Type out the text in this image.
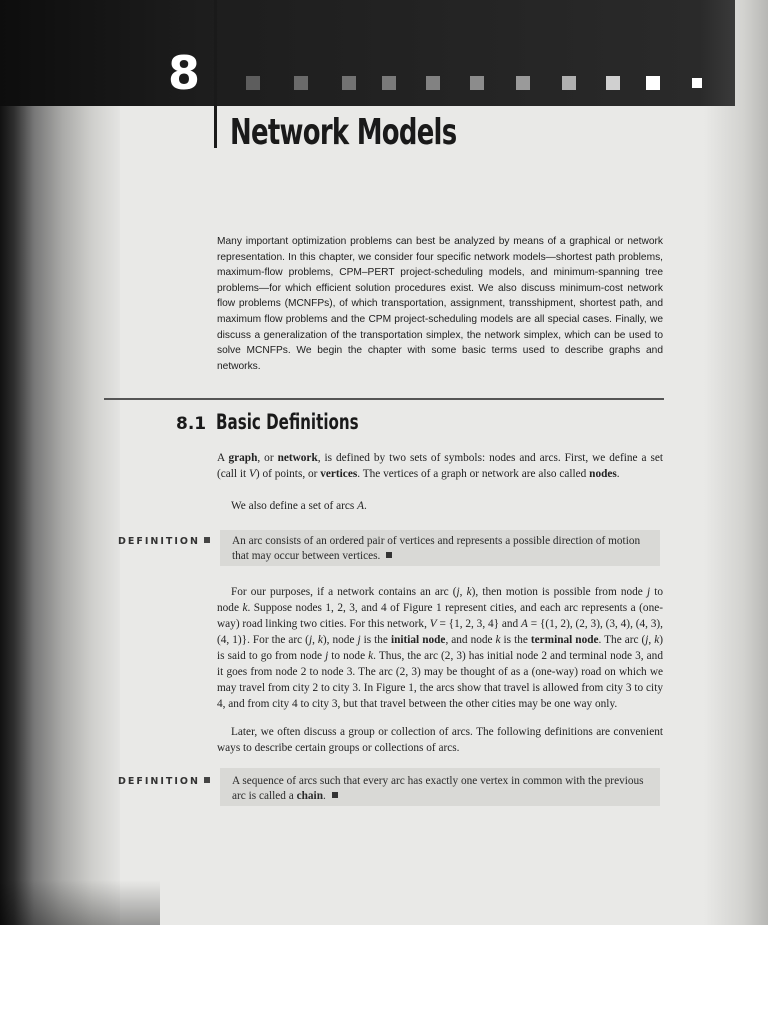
8
Network Models
Many important optimization problems can best be analyzed by means of a graphical or network representation. In this chapter, we consider four specific network models—shortest path problems, maximum-flow problems, CPM–PERT project-scheduling models, and minimum-spanning tree problems—for which efficient solution procedures exist. We also discuss minimum-cost network flow problems (MCNFPs), of which transportation, assignment, transshipment, shortest path, and maximum flow problems and the CPM project-scheduling models are all special cases. Finally, we discuss a generalization of the transportation simplex, the network simplex, which can be used to solve MCNFPs. We begin the chapter with some basic terms used to describe graphs and networks.
8.1 Basic Definitions

A graph, or network, is defined by two sets of symbols: nodes and arcs. First, we define a set (call it V) of points, or vertices. The vertices of a graph or network are also called nodes.

We also define a set of arcs A.

DEFINITION	An arc consists of an ordered pair of vertices and represents a possible direction of motion that may occur between vertices.

For our purposes, if a network contains an arc (j, k), then motion is possible from node j to node k. Suppose nodes 1, 2, 3, and 4 of Figure 1 represent cities, and each arc represents a (one-way) road linking two cities. For this network, V = {1, 2, 3, 4} and A = {(1, 2), (2, 3), (3, 4), (4, 3), (4, 1)}. For the arc (j, k), node j is the initial node, and node k is the terminal node. The arc (j, k) is said to go from node j to node k. Thus, the arc (2, 3) has initial node 2 and terminal node 3, and it goes from node 2 to node 3. The arc (2, 3) may be thought of as a (one-way) road on which we may travel from city 2 to city 3. In Figure 1, the arcs show that travel is allowed from city 3 to city 4, and from city 4 to city 3, but that travel between the other cities may be one way only.

Later, we often discuss a group or collection of arcs. The following definitions are convenient ways to describe certain groups or collections of arcs.

DEFINITION	A sequence of arcs such that every arc has exactly one vertex in common with the previous arc is called a chain.
